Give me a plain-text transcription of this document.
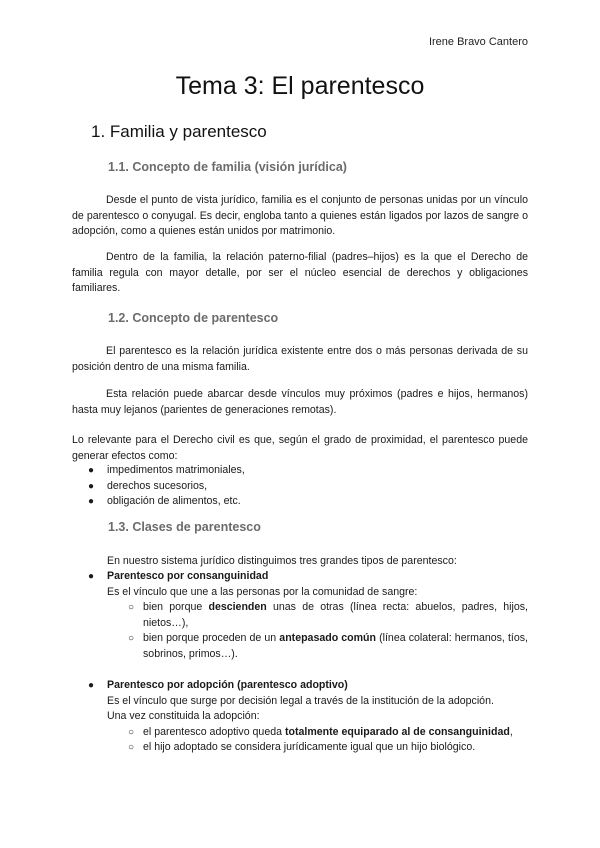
Irene Bravo Cantero
Tema 3: El parentesco
1. Familia y parentesco
1.1. Concepto de familia (visión jurídica)

Desde el punto de vista jurídico, familia es el conjunto de personas unidas por un vínculo de parentesco o conyugal. Es decir, engloba tanto a quienes están ligados por lazos de sangre o adopción, como a quienes están unidos por matrimonio.

Dentro de la familia, la relación paterno-filial (padres–hijos) es la que el Derecho de familia regula con mayor detalle, por ser el núcleo esencial de derechos y obligaciones familiares.

1.2. Concepto de parentesco

El parentesco es la relación jurídica existente entre dos o más personas derivada de su posición dentro de una misma familia.

Esta relación puede abarcar desde vínculos muy próximos (padres e hijos, hermanos) hasta muy lejanos (parientes de generaciones remotas).

Lo relevante para el Derecho civil es que, según el grado de proximidad, el parentesco puede generar efectos como:

● impedimentos matrimoniales,
● derechos sucesorios,
● obligación de alimentos, etc.
1.3. Clases de parentesco

En nuestro sistema jurídico distinguimos tres grandes tipos de parentesco:

● Parentesco por consanguinidad
Es el vínculo que une a las personas por la comunidad de sangre:
○ bien porque descienden unas de otras (línea recta: abuelos, padres, hijos, nietos…),
○ bien porque proceden de un antepasado común (línea colateral: hermanos, tíos, sobrinos, primos…).
● Parentesco por adopción (parentesco adoptivo)
Es el vínculo que surge por decisión legal a través de la institución de la adopción.
Una vez constituida la adopción:
○ el parentesco adoptivo queda totalmente equiparado al de consanguinidad,
○ el hijo adoptado se considera jurídicamente igual que un hijo biológico.
